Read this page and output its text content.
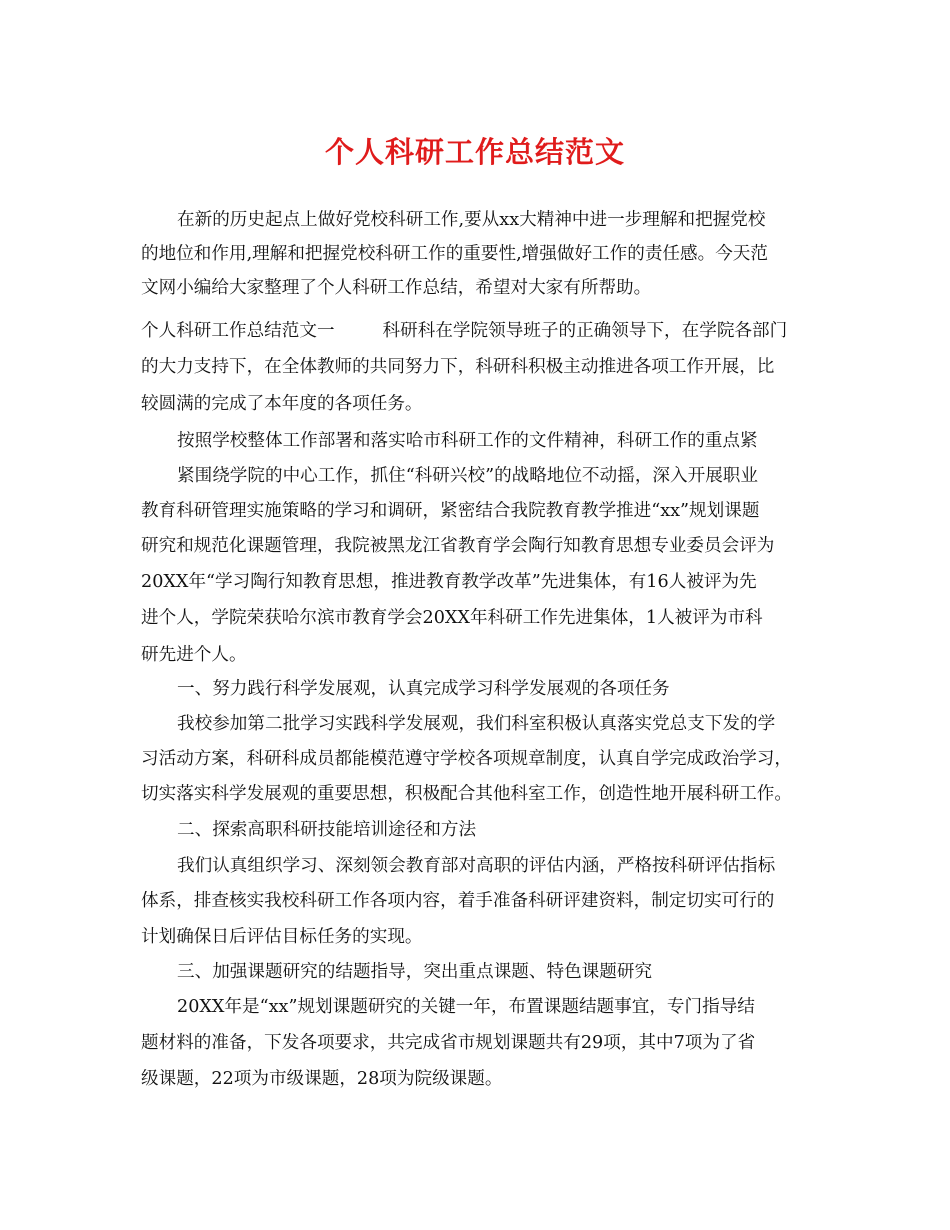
个人科研工作总结范文
在新的历史起点上做好党校科研工作,要从xx大精神中进一步理解和把握党校
的地位和作用,理解和把握党校科研工作的重要性,增强做好工作的责任感。今天范
文网小编给大家整理了个人科研工作总结，希望对大家有所帮助。
个人科研工作总结范文一	科研科在学院领导班子的正确领导下，在学院各部门
的大力支持下，在全体教师的共同努力下，科研科积极主动推进各项工作开展，比
较圆满的完成了本年度的各项任务。
按照学校整体工作部署和落实哈市科研工作的文件精神，科研工作的重点紧
紧围绕学院的中心工作，抓住“科研兴校”的战略地位不动摇，深入开展职业
教育科研管理实施策略的学习和调研，紧密结合我院教育教学推进“xx”规划课题
研究和规范化课题管理，我院被黑龙江省教育学会陶行知教育思想专业委员会评为
20XX年“学习陶行知教育思想，推进教育教学改革”先进集体，有16人被评为先
进个人，学院荣获哈尔滨市教育学会20XX年科研工作先进集体，1人被评为市科
研先进个人。
一、努力践行科学发展观，认真完成学习科学发展观的各项任务
我校参加第二批学习实践科学发展观，我们科室积极认真落实党总支下发的学
习活动方案，科研科成员都能模范遵守学校各项规章制度，认真自学完成政治学习，
切实落实科学发展观的重要思想，积极配合其他科室工作，创造性地开展科研工作。
二、探索高职科研技能培训途径和方法
我们认真组织学习、深刻领会教育部对高职的评估内涵，严格按科研评估指标
体系，排查核实我校科研工作各项内容，着手准备科研评建资料，制定切实可行的
计划确保日后评估目标任务的实现。
三、加强课题研究的结题指导，突出重点课题、特色课题研究
20XX年是“xx”规划课题研究的关键一年，布置课题结题事宜，专门指导结
题材料的准备，下发各项要求，共完成省市规划课题共有29项，其中7项为了省
级课题，22项为市级课题，28项为院级课题。
